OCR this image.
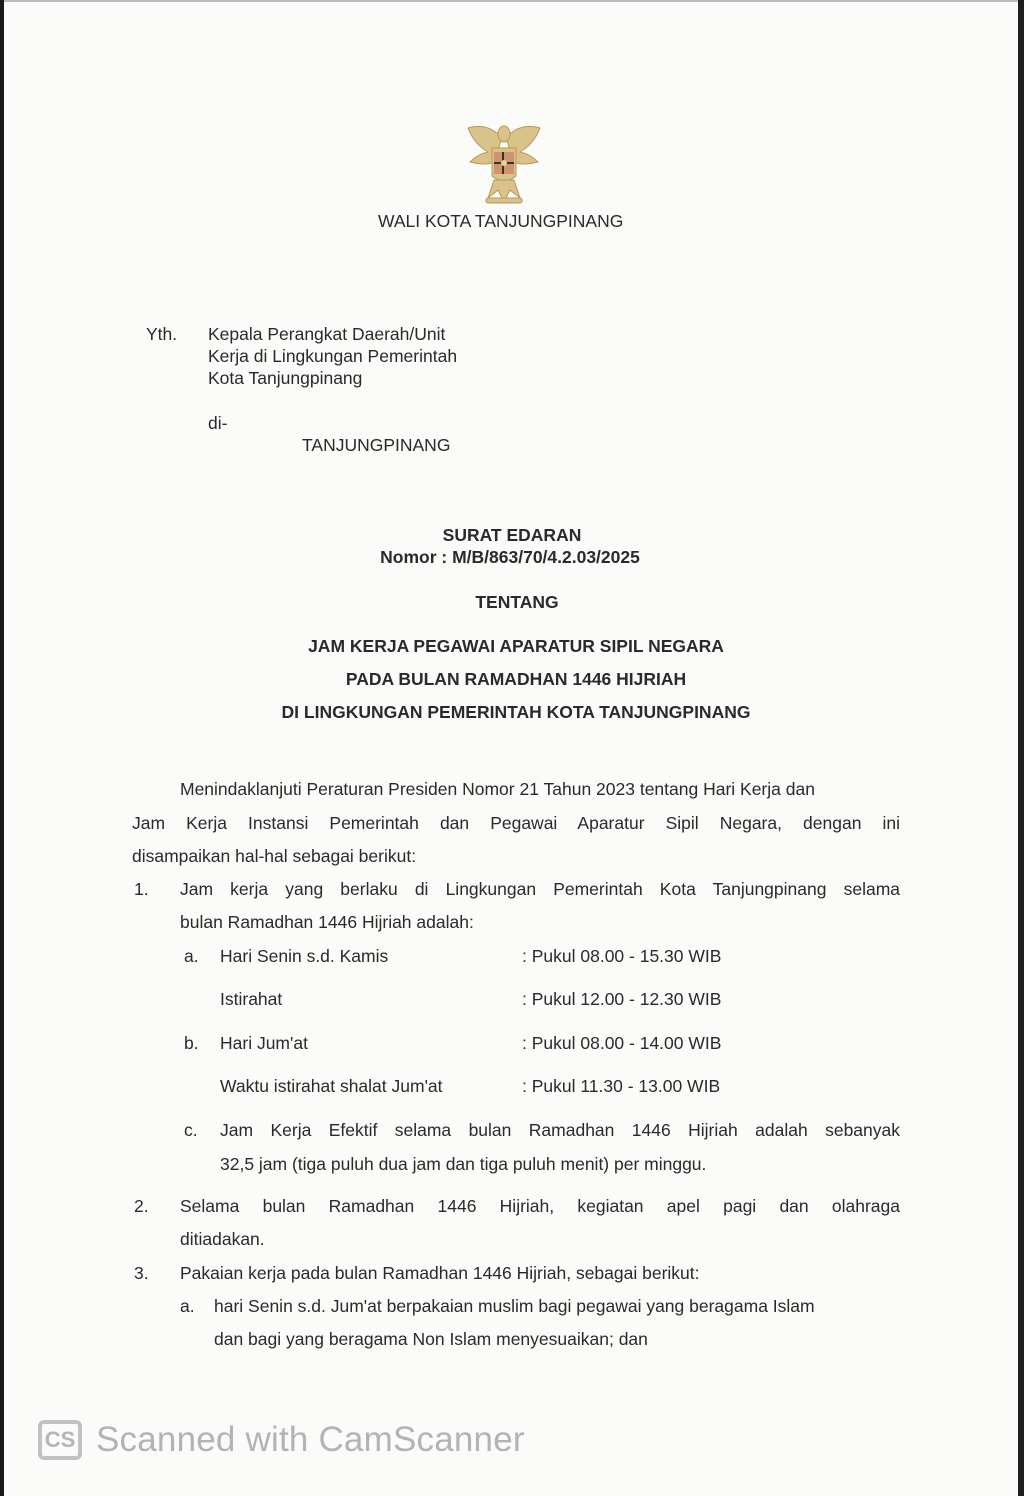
WALI KOTA TANJUNGPINANG
Yth. Kepala Perangkat Daerah/Unit
Kerja di Lingkungan Pemerintah
Kota Tanjungpinang
di-
TANJUNGPINANG
SURAT EDARAN
Nomor : M/B/863/70/4.2.03/2025
TENTANG
JAM KERJA PEGAWAI APARATUR SIPIL NEGARA
PADA BULAN RAMADHAN 1446 HIJRIAH
DI LINGKUNGAN PEMERINTAH KOTA TANJUNGPINANG
Menindaklanjuti Peraturan Presiden Nomor 21 Tahun 2023 tentang Hari Kerja dan
Jam Kerja Instansi Pemerintah dan Pegawai Aparatur Sipil Negara, dengan ini
disampaikan hal-hal sebagai berikut:
1. Jam kerja yang berlaku di Lingkungan Pemerintah Kota Tanjungpinang selama
bulan Ramadhan 1446 Hijriah adalah:
a. Hari Senin s.d. Kamis	: Pukul 08.00 - 15.30 WIB
Istirahat	: Pukul 12.00 - 12.30 WIB
b. Hari Jum'at	: Pukul 08.00 - 14.00 WIB
Waktu istirahat shalat Jum'at	: Pukul 11.30 - 13.00 WIB
c. Jam Kerja Efektif selama bulan Ramadhan 1446 Hijriah adalah sebanyak
32,5 jam (tiga puluh dua jam dan tiga puluh menit) per minggu.
2. Selama bulan Ramadhan 1446 Hijriah, kegiatan apel pagi dan olahraga
ditiadakan.
3. Pakaian kerja pada bulan Ramadhan 1446 Hijriah, sebagai berikut:
a. hari Senin s.d. Jum'at berpakaian muslim bagi pegawai yang beragama Islam
dan bagi yang beragama Non Islam menyesuaikan; dan
CS Scanned with CamScanner
